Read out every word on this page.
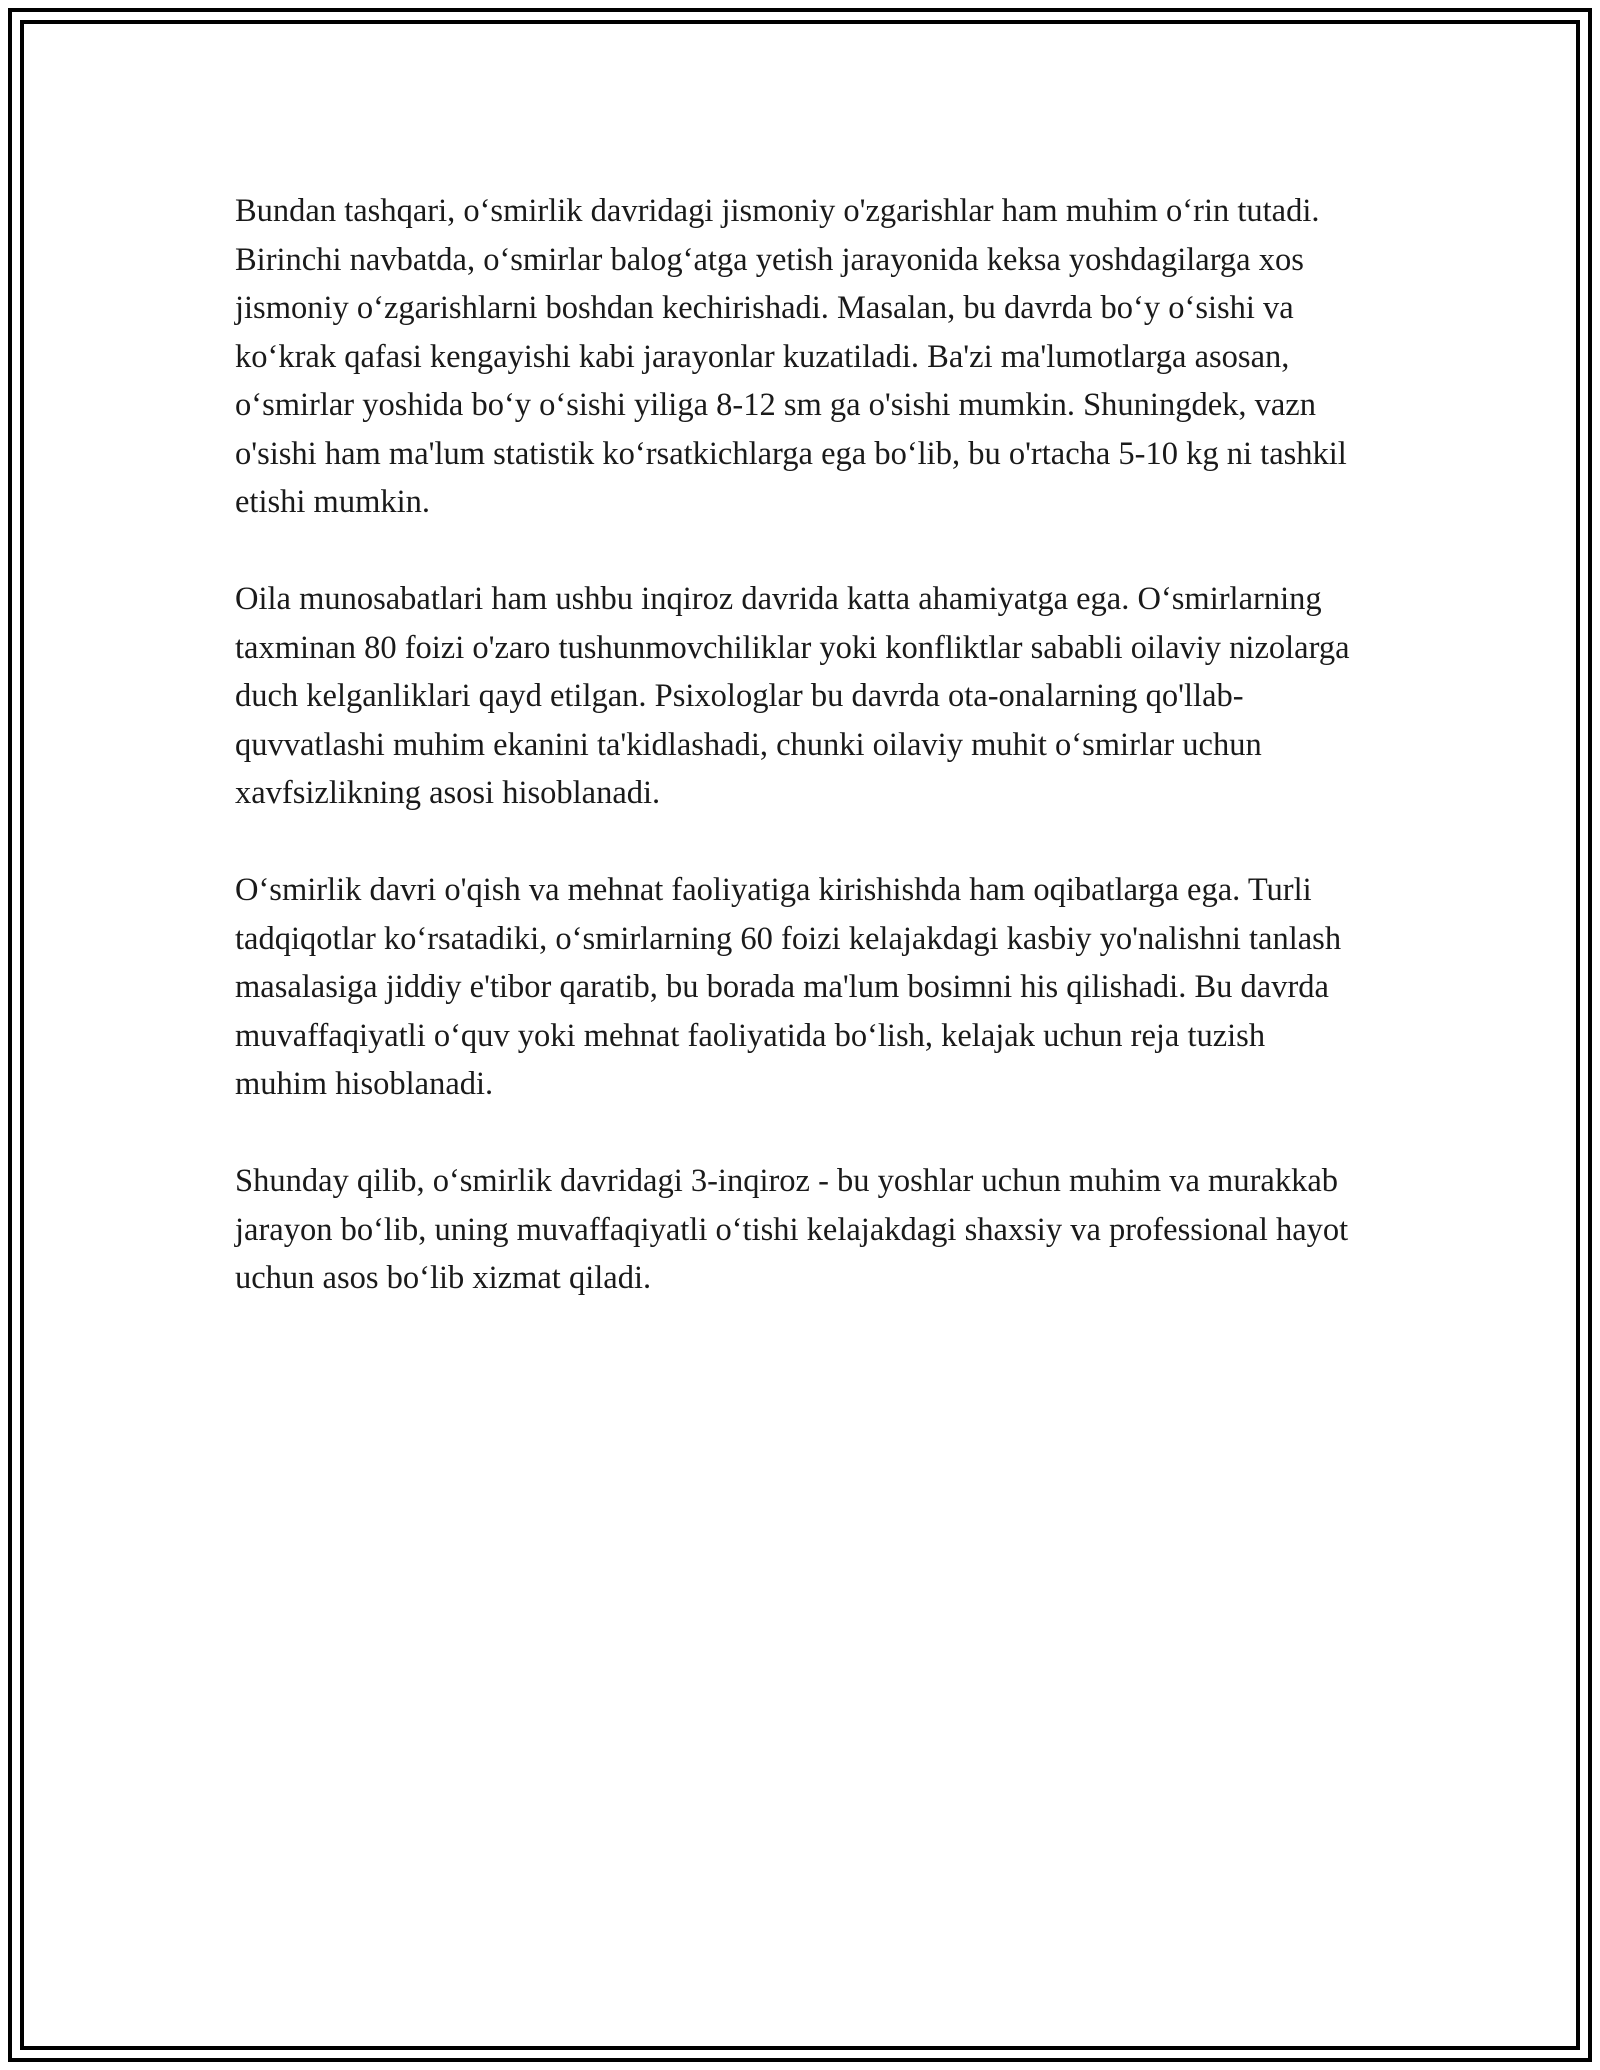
Bundan tashqari, o‘smirlik davridagi jismoniy o'zgarishlar ham muhim o‘rin tutadi. Birinchi navbatda, o‘smirlar balog‘atga yetish jarayonida keksa yoshdagilarga xos jismoniy o‘zgarishlarni boshdan kechirishadi. Masalan, bu davrda bo‘y o‘sishi va ko‘krak qafasi kengayishi kabi jarayonlar kuzatiladi. Ba'zi ma'lumotlarga asosan, o‘smirlar yoshida bo‘y o‘sishi yiliga 8-12 sm ga o'sishi mumkin. Shuningdek, vazn o'sishi ham ma'lum statistik ko‘rsatkichlarga ega bo‘lib, bu o'rtacha 5-10 kg ni tashkil etishi mumkin.

Oila munosabatlari ham ushbu inqiroz davrida katta ahamiyatga ega. O‘smirlarning taxminan 80 foizi o'zaro tushunmovchiliklar yoki konfliktlar sababli oilaviy nizolarga duch kelganliklari qayd etilgan. Psixologlar bu davrda ota-onalarning qo'llab-quvvatlashi muhim ekanini ta'kidlashadi, chunki oilaviy muhit o‘smirlar uchun xavfsizlikning asosi hisoblanadi.

O‘smirlik davri o'qish va mehnat faoliyatiga kirishishda ham oqibatlarga ega. Turli tadqiqotlar ko‘rsatadiki, o‘smirlarning 60 foizi kelajakdagi kasbiy yo'nalishni tanlash masalasiga jiddiy e'tibor qaratib, bu borada ma'lum bosimni his qilishadi. Bu davrda muvaffaqiyatli o‘quv yoki mehnat faoliyatida bo‘lish, kelajak uchun reja tuzish muhim hisoblanadi.

Shunday qilib, o‘smirlik davridagi 3-inqiroz - bu yoshlar uchun muhim va murakkab jarayon bo‘lib, uning muvaffaqiyatli o‘tishi kelajakdagi shaxsiy va professional hayot uchun asos bo‘lib xizmat qiladi.
